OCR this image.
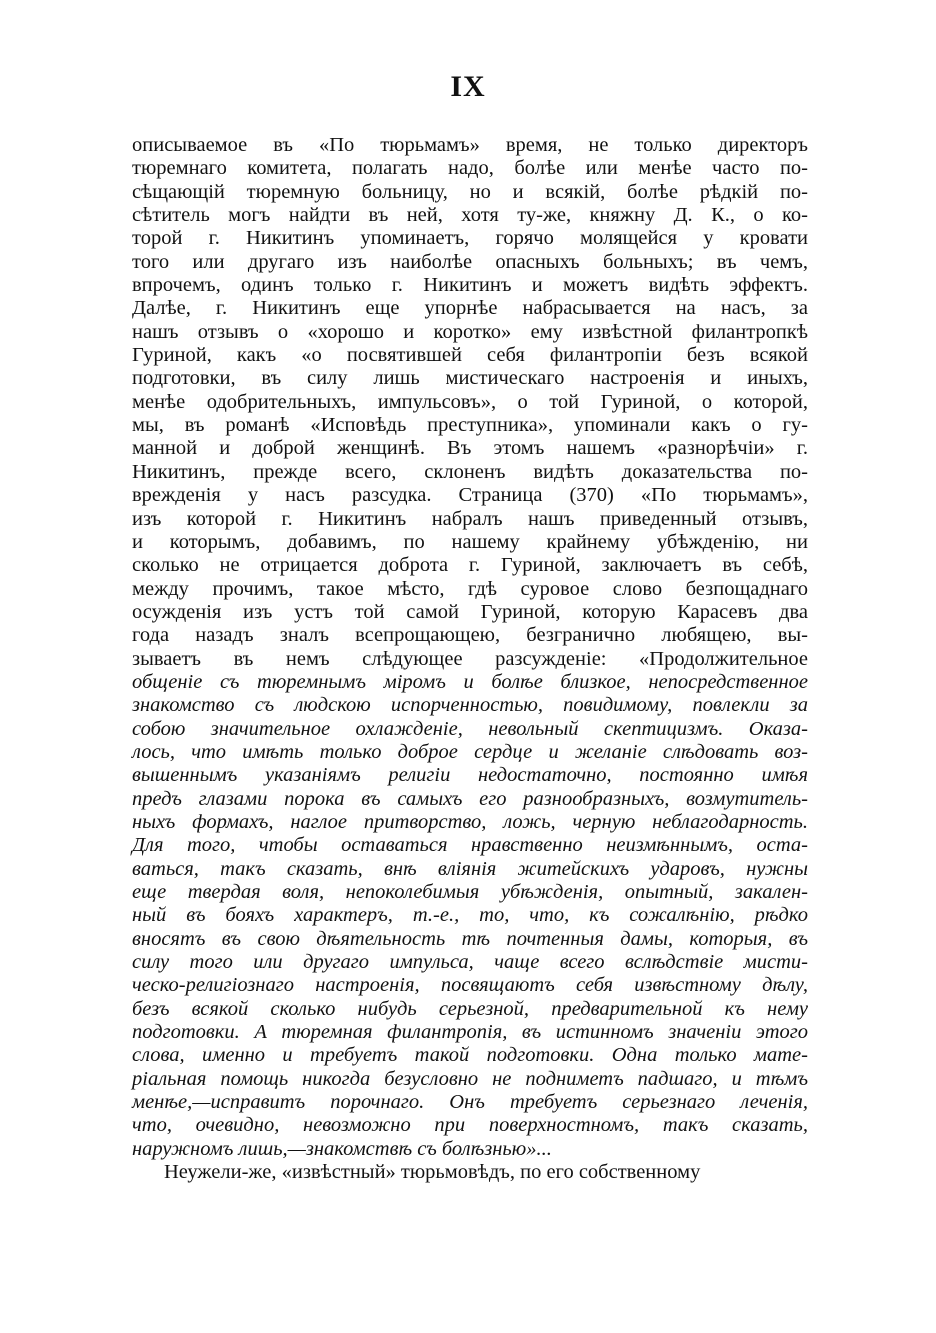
IX
описываемое въ «По тюрьмамъ» время, не только директоръ
тюремнаго комитета, полагать надо, болѣе или менѣе часто по-
сѣщающій тюремную больницу, но и всякій, болѣе рѣдкій по-
сѣтитель могъ найдти въ ней, хотя ту-же, княжну Д. К., о ко-
торой г. Никитинъ упоминаетъ, горячо молящейся у кровати
того или другаго изъ наиболѣе опасныхъ больныхъ; въ чемъ,
впрочемъ, одинъ только г. Никитинъ и можетъ видѣть эффектъ.
Далѣе, г. Никитинъ еще упорнѣе набрасывается на насъ, за
нашъ отзывъ о «хорошо и коротко» ему извѣстной филантропкѣ
Гуриной, какъ «о посвятившей себя филантропіи безъ всякой
подготовки, въ силу лишь мистическаго настроенія и иныхъ,
менѣе одобрительныхъ, импульсовъ», о той Гуриной, о которой,
мы, въ романѣ «Исповѣдь преступника», упоминали какъ о гу-
манной и доброй женщинѣ. Въ этомъ нашемъ «разнорѣчіи» г.
Никитинъ, прежде всего, склоненъ видѣть доказательства по-
врежденія у насъ разсудка. Страница (370) «По тюрьмамъ»,
изъ которой г. Никитинъ набралъ нашъ приведенный отзывъ,
и которымъ, добавимъ, по нашему крайнему убѣжденію, ни
сколько не отрицается доброта г. Гуриной, заключаетъ въ себѣ,
между прочимъ, такое мѣсто, гдѣ суровое слово безпощаднаго
осужденія изъ устъ той самой Гуриной, которую Карасевъ два
года назадъ зналъ всепрощающею, безгранично любящею, вы-
зываетъ въ немъ слѣдующее разсужденіе: «Продолжительное
общеніе съ тюремнымъ міромъ и болѣе близкое, непосредственное
знакомство съ людскою испорченностью, повидимому, повлекли за
собою значительное охлажденіе, невольный скептицизмъ. Оказа-
лось, что имѣть только доброе сердце и желаніе слѣдовать воз-
вышеннымъ указаніямъ религіи недостаточно, постоянно имѣя
предъ глазами порока въ самыхъ его разнообразныхъ, возмутитель-
ныхъ формахъ, наглое притворство, ложь, черную неблагодарность.
Для того, чтобы оставаться нравственно неизмѣннымъ, оста-
ваться, такъ сказать, внѣ вліянія житейскихъ ударовъ, нужны
еще твердая воля, непоколебимыя убѣжденія, опытный, закален-
ный въ бояхъ характеръ, т.-е., то, что, къ сожалѣнію, рѣдко
вносятъ въ свою дѣятельность тѣ почтенныя дамы, которыя, въ
силу того или другаго импульса, чаще всего вслѣдствіе мисти-
ческо-религіознаго настроенія, посвящаютъ себя извѣстному дѣлу,
безъ всякой сколько нибудь серьезной, предварительной къ нему
подготовки. А тюремная филантропія, въ истинномъ значеніи этого
слова, именно и требуетъ такой подготовки. Одна только мате-
ріальная помощь никогда безусловно не подниметъ падшаго, и тѣмъ
менѣе,—исправитъ порочнаго. Онъ требуетъ серьезнаго леченія,
что, очевидно, невозможно при поверхностномъ, такъ сказать,
наружномъ лишь,—знакомствѣ съ болѣзнью»...
Неужели-же, «извѣстный» тюрьмовѣдъ, по его собственному
